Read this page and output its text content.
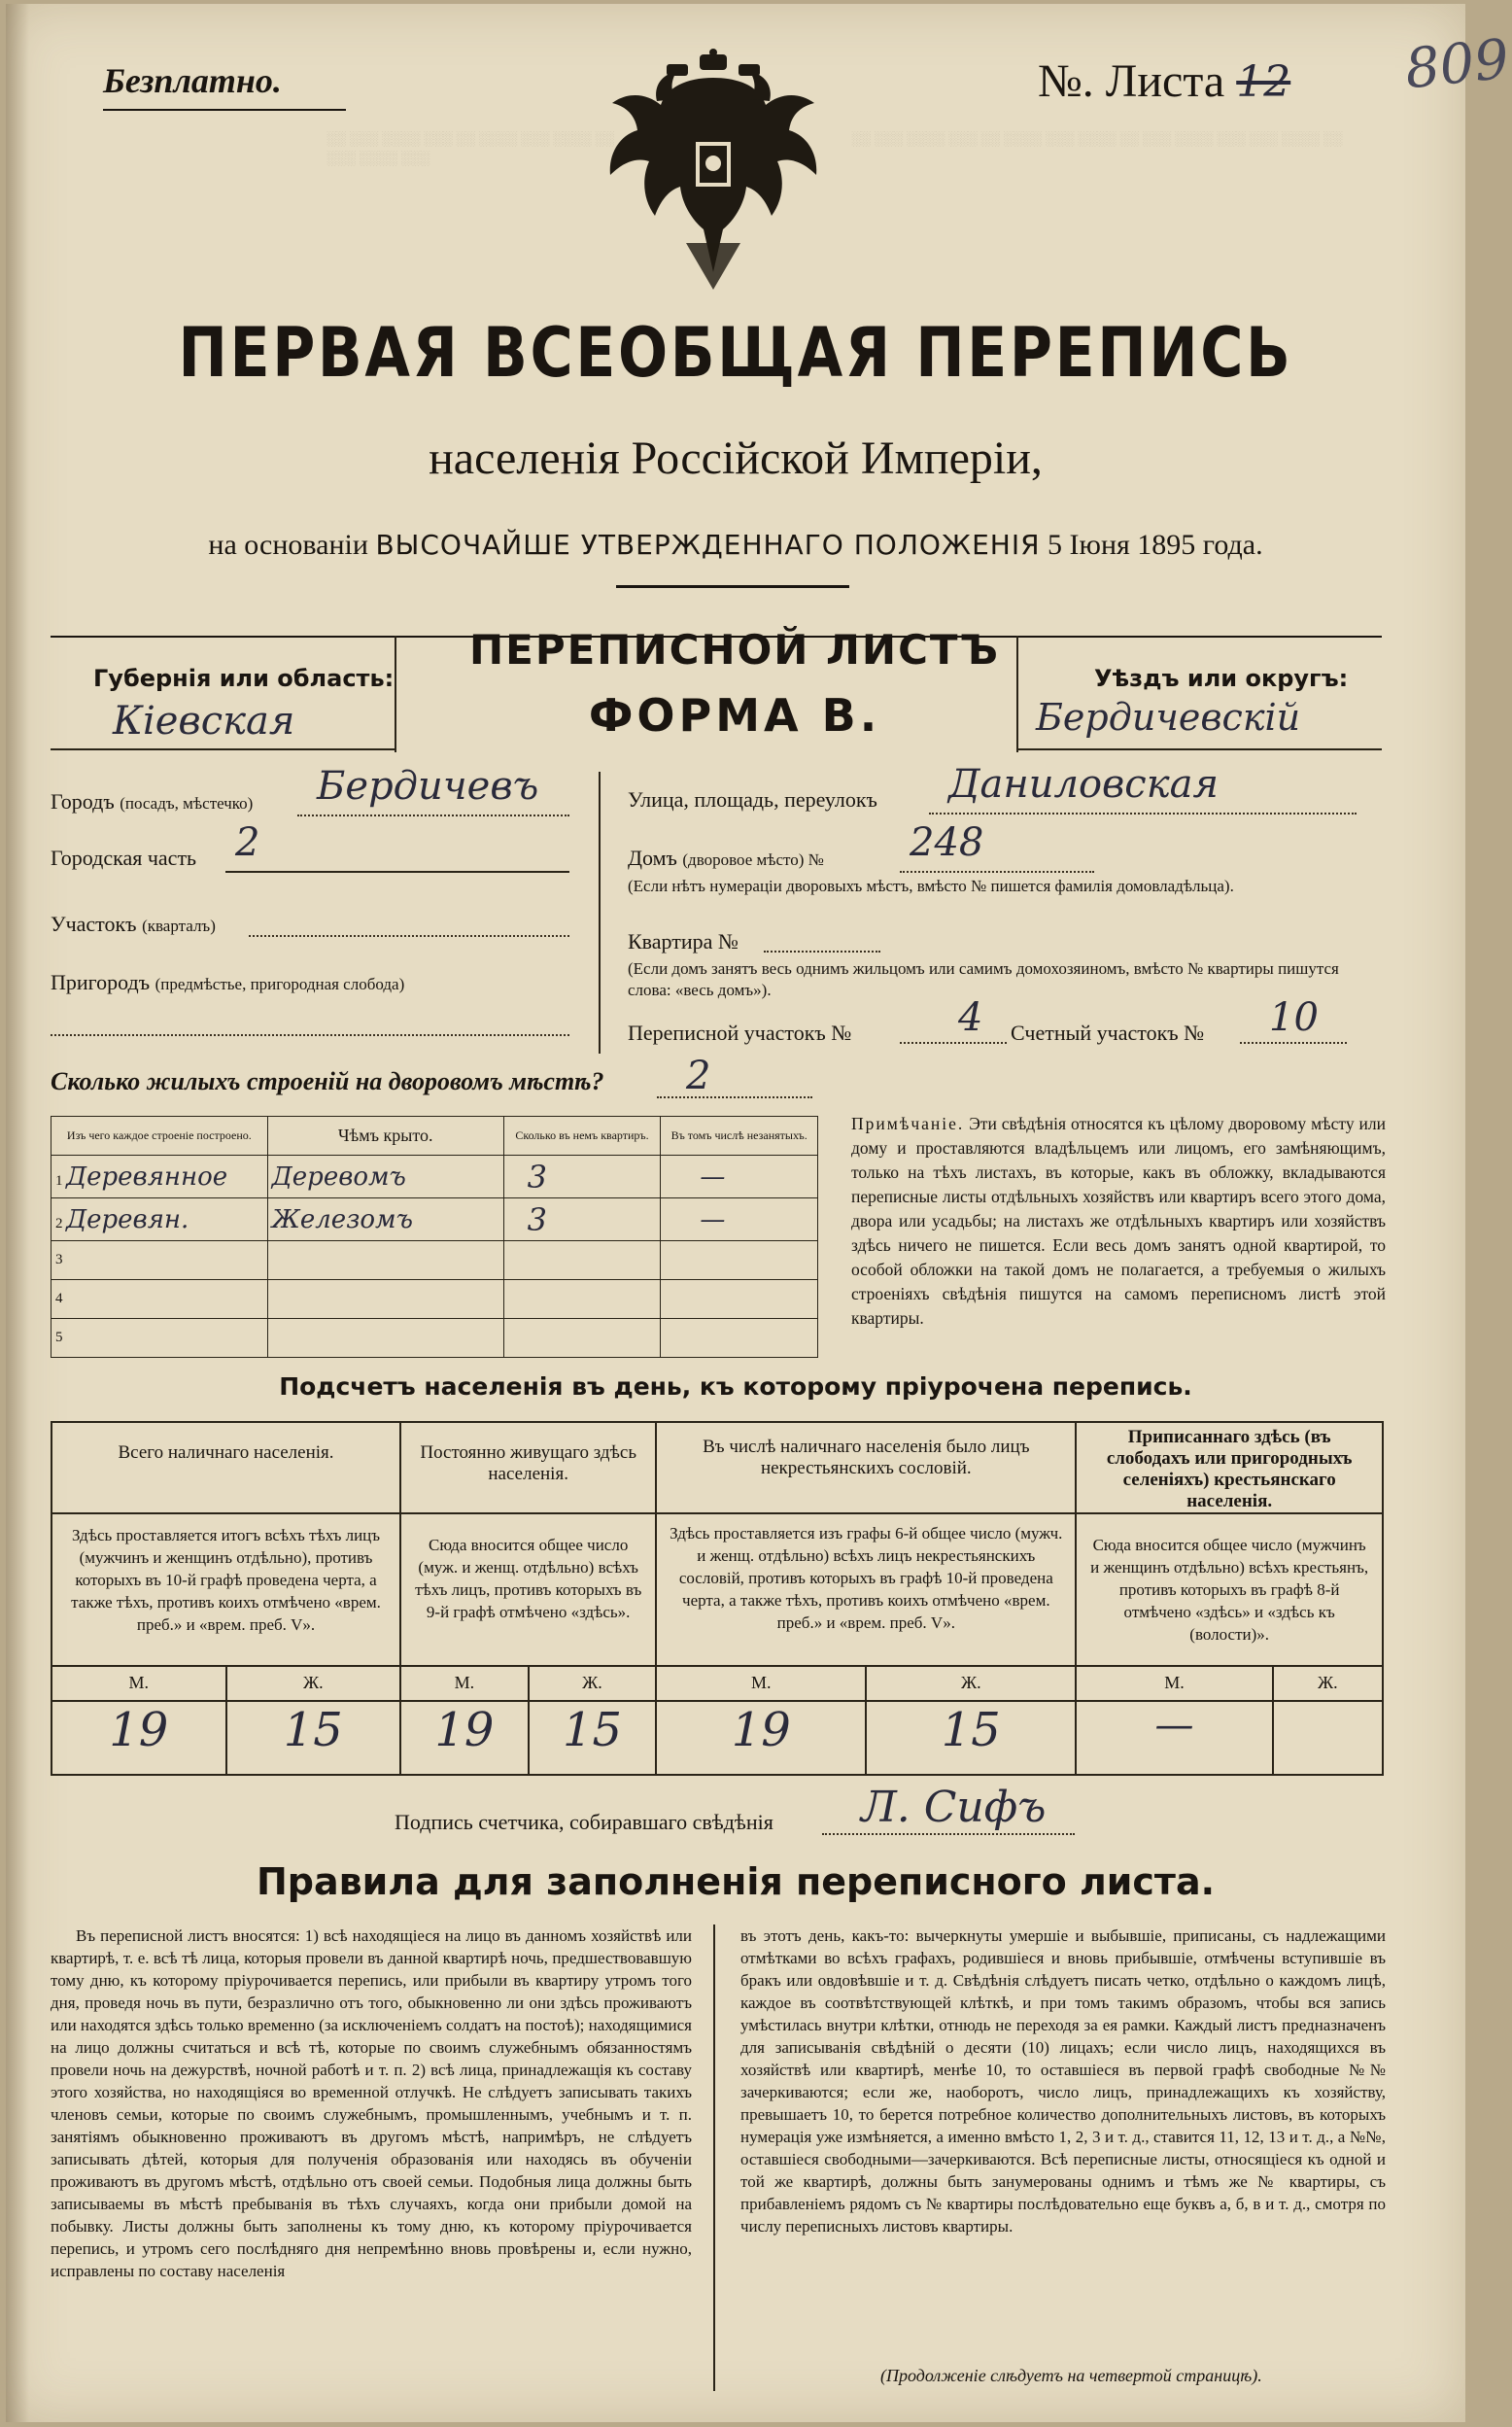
Безплатно.	№. Листа 12 809
░░ ░░░ ░░░░ ░░░ ░░ ░░░░ ░░░ ░░░░ ░░ ░░░ ░░░░ ░░░
░░ ░░░ ░░░░ ░░░ ░░ ░░░░ ░░░ ░░░░ ░░ ░░░ ░░░░ ░░░ ░░░ ░░░░ ░░
ПЕРВАЯ ВСЕОБЩАЯ ПЕРЕПИСЬ
населенія Россійской Имперіи,
на основаніи ВЫСОЧАЙШЕ УТВЕРЖДЕННАГО ПОЛОЖЕНІЯ 5 Іюня 1895 года.
ПЕРЕПИСНОЙ ЛИСТЪ
ФОРМА В.
Губернія или область:
Кіевская
Уѣздъ или округъ:
Бердичевскій
Городъ (посадъ, мѣстечко) Бердичевъ
Городская часть 2
Участокъ (кварталъ)
Пригородъ (предмѣстье, пригородная слобода)
Улица, площадь, переулокъ Даниловская
Домъ (дворовое мѣсто) № 248
(Если нѣтъ нумераціи дворовыхъ мѣстъ, вмѣсто № пишется фамилія домовладѣльца).
Квартира №
(Если домъ занятъ весь однимъ жильцомъ или самимъ домохозяиномъ, вмѣсто № квартиры пишутся слова: «весь домъ»).
Переписной участокъ №	4 Счетный участокъ № 10
Сколько жилыхъ строеній на дворовомъ мѣстѣ? 2
Изъ чего каждое строеніе построено.	Чѣмъ крыто.	Сколько въ немъ квартиръ.	Въ томъ числѣ незанятыхъ.
1 Деревянное	Деревомъ	3	—
2 Деревян.	Железомъ	3	—
3			
4			
5			
Примѣчаніе. Эти свѣдѣнія относятся къ цѣлому дворовому мѣсту или дому и проставляются владѣльцемъ или лицомъ, его замѣняющимъ, только на тѣхъ листахъ, въ которые, какъ въ обложку, вкладываются переписные листы отдѣльныхъ хозяйствъ или квартиръ всего этого дома, двора или усадьбы; на листахъ же отдѣльныхъ квартиръ или хозяйствъ здѣсь ничего не пишется. Если весь домъ занятъ одной квартирой, то особой обложки на такой домъ не полагается, а требуемыя о жилыхъ строеніяхъ свѣдѣнія пишутся на самомъ переписномъ листѣ этой квартиры.
Подсчетъ населенія въ день, къ которому пріурочена перепись.
Всего наличнаго населенія.		Постоянно живущаго здѣсь населенія.		Въ числѣ наличнаго населенія было лицъ некрестьянскихъ сословій.		Приписаннаго здѣсь (въ слободахъ или пригородныхъ селеніяхъ) крестьянскаго населенія.	
Здѣсь проставляется итогъ всѣхъ тѣхъ лицъ (мужчинъ и женщинъ отдѣльно), противъ которыхъ въ 10-й графѣ проведена черта, а также тѣхъ, противъ коихъ отмѣчено «врем. преб.» и «врем. преб. V».		Сюда вносится общее число (муж. и женщ. отдѣльно) всѣхъ тѣхъ лицъ, противъ которыхъ въ 9-й графѣ отмѣчено «здѣсь».		Здѣсь проставляется изъ графы 6-й общее число (мужч. и женщ. отдѣльно) всѣхъ лицъ некрестьянскихъ сословій, противъ которыхъ въ графѣ 10-й проведена черта, а также тѣхъ, противъ коихъ отмѣчено «врем. преб.» и «врем. преб. V».		Сюда вносится общее число (мужчинъ и женщинъ отдѣльно) всѣхъ крестьянъ, противъ которыхъ въ графѣ 8-й отмѣчено «здѣсь» и «здѣсь къ (волости)».	
М.	Ж.	М.	Ж.	М.	Ж.	М.	Ж.
19	15	19	15	19	15	—	
Подпись счетчика, собиравшаго свѣдѣнія Л. Сифъ
Правила для заполненія переписного листа.
Въ переписной листъ вносятся: 1) всѣ находящіеся на лицо въ данномъ хозяйствѣ или квартирѣ, т. е. всѣ тѣ лица, которыя провели въ данной квартирѣ ночь, предшествовавшую тому дню, къ которому пріурочивается перепись, или прибыли въ квартиру утромъ того дня, проведя ночь въ пути, безразлично отъ того, обыкновенно ли они здѣсь проживаютъ или находятся здѣсь только временно (за исключеніемъ солдатъ на постоѣ); находящимися на лицо должны считаться и всѣ тѣ, которые по своимъ служебнымъ обязанностямъ провели ночь на дежурствѣ, ночной работѣ и т. п. 2) всѣ лица, принадлежащія къ составу этого хозяйства, но находящіяся во временной отлучкѣ. Не слѣдуетъ записывать такихъ членовъ семьи, которые по своимъ служебнымъ, промышленнымъ, учебнымъ и т. п. занятіямъ обыкновенно проживаютъ въ другомъ мѣстѣ, напримѣръ, не слѣдуетъ записывать дѣтей, которыя для полученія образованія или находясь въ обученіи проживаютъ въ другомъ мѣстѣ, отдѣльно отъ своей семьи. Подобныя лица должны быть записываемы въ мѣстѣ пребыванія въ тѣхъ случаяхъ, когда они прибыли домой на побывку. Листы должны быть заполнены къ тому дню, къ которому пріурочивается перепись, и утромъ сего послѣдняго дня непремѣнно вновь провѣрены и, если нужно, исправлены по составу населенія
въ этотъ день, какъ-то: вычеркнуты умершіе и выбывшіе, приписаны, съ надлежащими отмѣтками во всѣхъ графахъ, родившіеся и вновь прибывшіе, отмѣчены вступившіе въ бракъ или овдовѣвшіе и т. д. Свѣдѣнія слѣдуетъ писать четко, отдѣльно о каждомъ лицѣ, каждое въ соотвѣтствующей клѣткѣ, и при томъ такимъ образомъ, чтобы вся запись умѣстилась внутри клѣтки, отнюдь не переходя за ея рамки. Каждый листъ предназначенъ для записыванія свѣдѣній о десяти (10) лицахъ; если число лицъ, находящихся въ хозяйствѣ или квартирѣ, менѣе 10, то оставшіеся въ первой графѣ свободные №№ зачеркиваются; если же, наоборотъ, число лицъ, принадлежащихъ къ хозяйству, превышаетъ 10, то берется потребное количество дополнительныхъ листовъ, въ которыхъ нумерація уже измѣняется, а именно вмѣсто 1, 2, 3 и т. д., ставится 11, 12, 13 и т. д., а №№, оставшіеся свободными—зачеркиваются. Всѣ переписные листы, относящіеся къ одной и той же квартирѣ, должны быть занумерованы однимъ и тѣмъ же № квартиры, съ прибавленіемъ рядомъ съ № квартиры послѣдовательно еще буквъ а, б, в и т. д., смотря по числу переписныхъ листовъ квартиры.
(Продолженіе слѣдуетъ на четвертой страницѣ).
